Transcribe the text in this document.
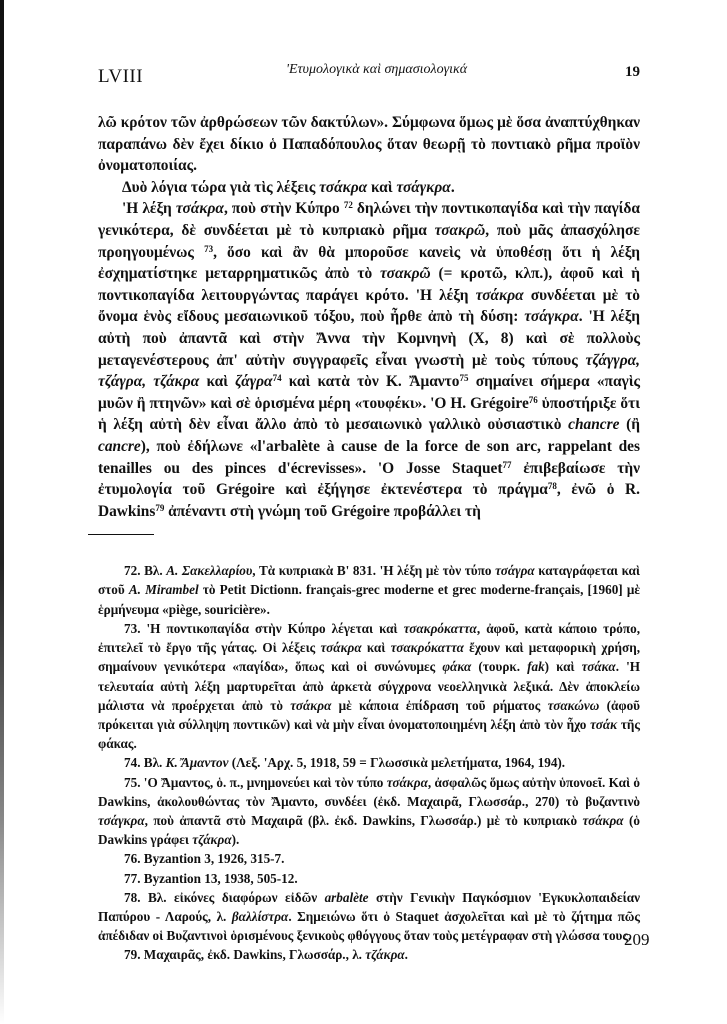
LVIII	'Ετυμολογικὰ καὶ σημασιολογικά	19

λῶ κρότον τῶν ἀρθρώσεων τῶν δακτύλων». Σύμφωνα ὅμως μὲ ὅσα ἀναπτύχθηκαν παραπάνω δὲν ἔχει δίκιο ὁ Παπαδόπουλος ὅταν θεωρῇ τὸ ποντιακὸ ρῆμα προϊὸν ὀνοματοποιίας.

Δυὸ λόγια τώρα γιὰ τὶς λέξεις τσάκρα καὶ τσάγκρα.

'Η λέξη τσάκρα, ποὺ στὴν Κύπρο $^{72}$ δηλώνει τὴν ποντικοπαγίδα καὶ τὴν παγίδα γενικότερα, δὲ συνδέεται μὲ τὸ κυπριακὸ ρῆμα τσακρῶ, ποὺ μᾶς ἀπασχόλησε προηγουμένως $^{73}$, ὅσο καὶ ἂν θὰ μποροῦσε κανεὶς νὰ ὑποθέσῃ ὅτι ἡ λέξη ἐσχηματίστηκε μεταρρηματικῶς ἀπὸ τὸ τσακρῶ (= κροτῶ, κλπ.), ἀφοῦ καὶ ἡ ποντικοπαγίδα λειτουργώντας παράγει κρότο. 'Η λέξη τσάκρα συνδέεται μὲ τὸ ὄνομα ἑνὸς εἴδους μεσαιωνικοῦ τόξου, ποὺ ἦρθε ἀπὸ τὴ δύση: τσάγκρα. 'Η λέξη αὐτὴ ποὺ ἀπαντᾶ καὶ στὴν Ἄννα τὴν Κομνηνὴ (X, 8) καὶ σὲ πολλοὺς μεταγενέστερους ἀπ' αὐτὴν συγγραφεῖς εἶναι γνωστὴ μὲ τοὺς τύπους τζάγγρα, τζάγρα, τζάκρα καὶ ζάγρα$^{74}$ καὶ κατὰ τὸν Κ. Ἄμαντο$^{75}$ σημαίνει σήμερα «παγὶς μυῶν ἢ πτηνῶν» καὶ σὲ ὁρισμένα μέρη «τουφέκι». 'Ο H. Grégoire$^{76}$ ὑποστήριξε ὅτι ἡ λέξη αὐτὴ δὲν εἶναι ἄλλο ἀπὸ τὸ μεσαιωνικὸ γαλλικὸ οὐσιαστικὸ chancre (ἢ cancre), ποὺ ἐδήλωνε «l'arbalète à cause de la force de son arc, rappelant des tenailles ou des pinces d'écrevisses». 'O Josse Staquet$^{77}$ ἐπιβεβαίωσε τὴν ἐτυμολογία τοῦ Grégoire καὶ ἐξήγησε ἐκτενέστερα τὸ πράγμα$^{78}$, ἐνῶ ὁ R. Dawkins$^{79}$ ἀπέναντι στὴ γνώμη τοῦ Grégoire προβάλλει τὴ

72. Βλ. Α. Σακελλαρίου, Τὰ κυπριακὰ Β' 831. 'Η λέξη μὲ τὸν τύπο τσάγρα καταγράφεται καὶ στοῦ A. Mirambel τὸ Petit Dictionn. français-grec moderne et grec moderne-français, [1960] μὲ ἑρμήνευμα «piège, souricière».

73. 'Η ποντικοπαγίδα στὴν Κύπρο λέγεται καὶ τσακρόκαττα, ἀφοῦ, κατὰ κάποιο τρόπο, ἐπιτελεῖ τὸ ἔργο τῆς γάτας. Οἱ λέξεις τσάκρα καὶ τσακρόκαττα ἔχουν καὶ μεταφορικὴ χρήση, σημαίνουν γενικότερα «παγίδα», ὅπως καὶ οἱ συνώνυμες φάκα (τουρκ. fak) καὶ τσάκα. 'Η τελευταία αὐτὴ λέξη μαρτυρεῖται ἀπὸ ἀρκετὰ σύγχρονα νεοελληνικὰ λεξικά. Δὲν ἀποκλείω μάλιστα νὰ προέρχεται ἀπὸ τὸ τσάκρα μὲ κάποια ἐπίδραση τοῦ ρήματος τσακώνω (ἀφοῦ πρόκειται γιὰ σύλληψη ποντικῶν) καὶ νὰ μὴν εἶναι ὀνοματοποιημένη λέξη ἀπὸ τὸν ἦχο τσάκ τῆς φάκας.

74. Βλ. Κ. Ἄμαντον (Λεξ. 'Αρχ. 5, 1918, 59 = Γλωσσικὰ μελετήματα, 1964, 194).

75. 'Ο Ἄμαντος, ὁ. π., μνημονεύει καὶ τὸν τύπο τσάκρα, ἀσφαλῶς ὅμως αὐτὴν ὑπονοεῖ. Καὶ ὁ Dawkins, ἀκολουθώντας τὸν Ἄμαντο, συνδέει (ἐκδ. Μαχαιρᾶ, Γλωσσάρ., 270) τὸ βυζαντινὸ τσάγκρα, ποὺ ἀπαντᾶ στὸ Μαχαιρᾶ (βλ. ἐκδ. Dawkins, Γλωσσάρ.) μὲ τὸ κυπριακὸ τσάκρα (ὁ Dawkins γράφει τζάκρα).

76. Byzantion 3, 1926, 315-7.

77. Byzantion 13, 1938, 505-12.

78. Βλ. εἰκόνες διαφόρων εἰδῶν arbalète στὴν Γενικὴν Παγκόσμιον 'Εγκυκλοπαιδείαν Παπύρου - Λαρούς, λ. βαλλίστρα. Σημειώνω ὅτι ὁ Staquet ἀσχολεῖται καὶ μὲ τὸ ζήτημα πῶς ἀπέδιδαν οἱ Βυζαντινοὶ ὁρισμένους ξενικοὺς φθόγγους ὅταν τοὺς μετέγραφαν στὴ γλώσσα τους.

79. Μαχαιρᾶς, ἐκδ. Dawkins, Γλωσσάρ., λ. τζάκρα.

209
